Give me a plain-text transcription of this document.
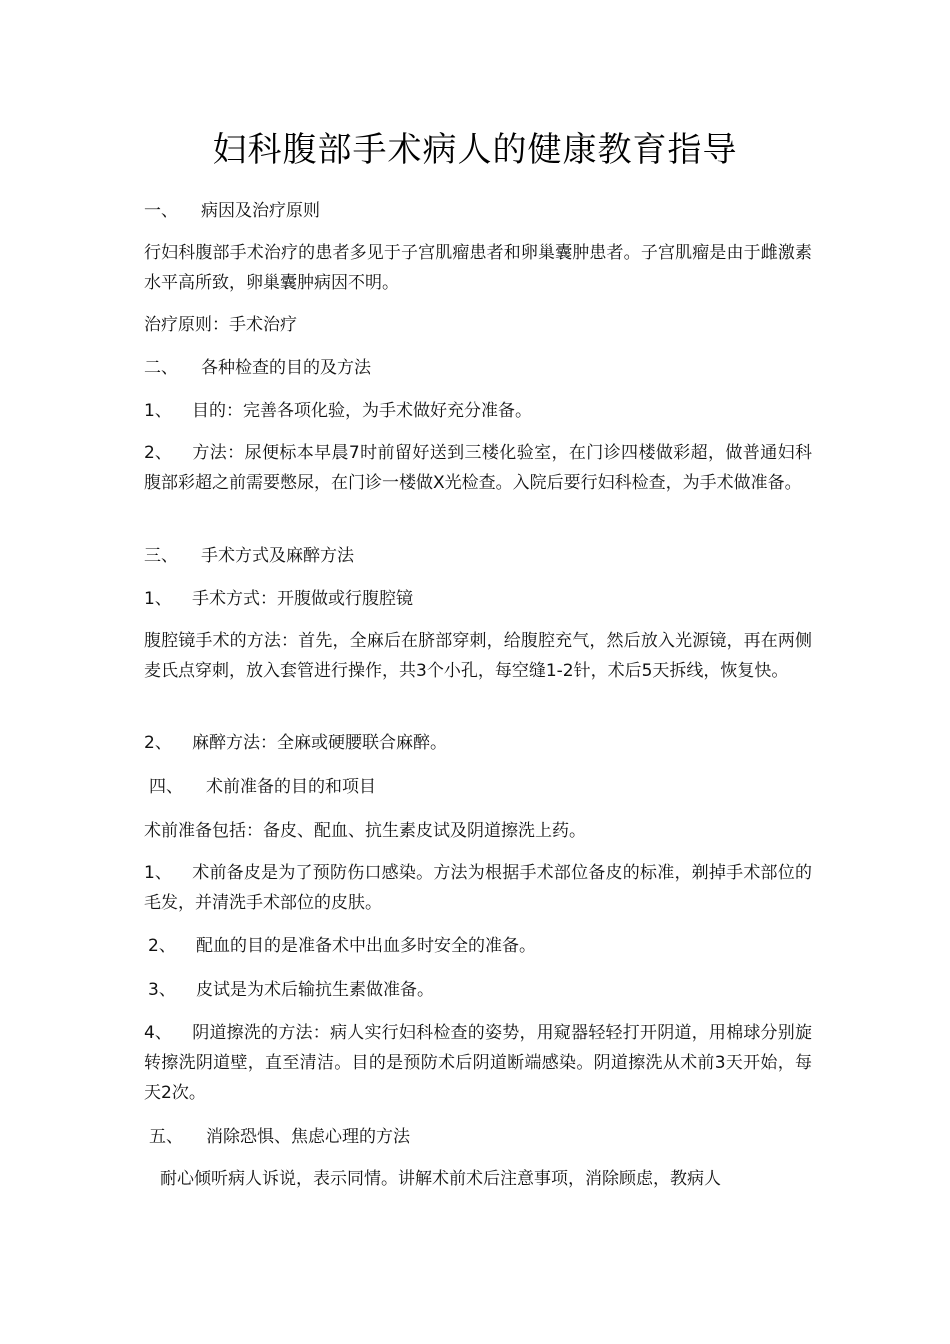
妇科腹部手术病人的健康教育指导
一、 病因及治疗原则
行妇科腹部手术治疗的患者多见于子宫肌瘤患者和卵巢囊肿患者。子宫肌瘤是由于雌激素水平高所致，卵巢囊肿病因不明。
治疗原则：手术治疗
二、 各种检查的目的及方法
1、 目的：完善各项化验，为手术做好充分准备。
2、 方法：尿便标本早晨7时前留好送到三楼化验室，在门诊四楼做彩超，做普通妇科腹部彩超之前需要憋尿，在门诊一楼做X光检查。入院后要行妇科检查，为手术做准备。
三、 手术方式及麻醉方法
1、 手术方式：开腹做或行腹腔镜
腹腔镜手术的方法：首先，全麻后在脐部穿刺，给腹腔充气，然后放入光源镜，再在两侧麦氏点穿刺，放入套管进行操作，共3个小孔，每空缝1-2针，术后5天拆线，恢复快。
2、 麻醉方法：全麻或硬腰联合麻醉。
四、 术前准备的目的和项目
术前准备包括：备皮、配血、抗生素皮试及阴道擦洗上药。
1、 术前备皮是为了预防伤口感染。方法为根据手术部位备皮的标准，剃掉手术部位的毛发，并清洗手术部位的皮肤。
2、 配血的目的是准备术中出血多时安全的准备。
3、 皮试是为术后输抗生素做准备。
4、 阴道擦洗的方法：病人实行妇科检查的姿势，用窥器轻轻打开阴道，用棉球分别旋转擦洗阴道壁，直至清洁。目的是预防术后阴道断端感染。阴道擦洗从术前3天开始，每天2次。
五、 消除恐惧、焦虑心理的方法
耐心倾听病人诉说，表示同情。讲解术前术后注意事项，消除顾虑，教病人
